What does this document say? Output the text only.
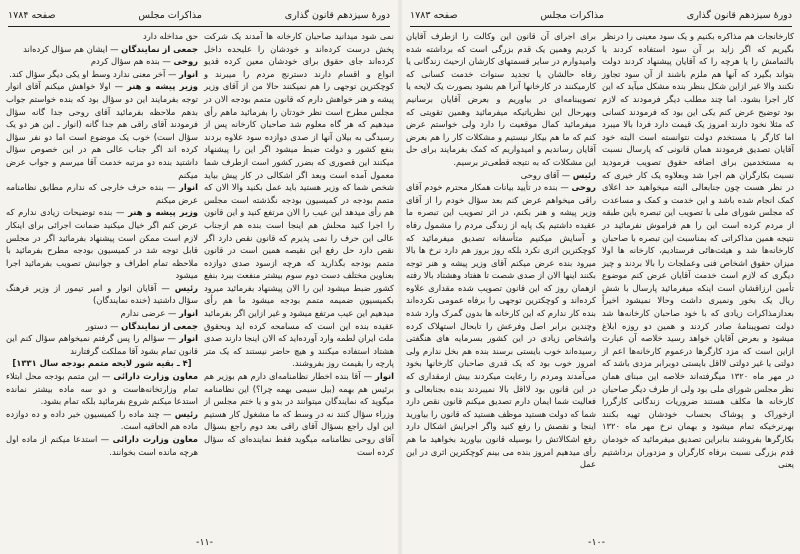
دورهٔ سیزدهم قانون گذاری
مذاکرات مجلس
صفحه ۱۷۸۴

نمی شود میدانید صاحبان کارخانه ها آمدند یک شرکت پخش درست کرده‌اند و خودشان را علیحده داخل کرده‌اند جای حقوق برای خودشان معین کرده قدیو انواع و اقسام دارند دسترنج مردم را میبرند و کوچکترین توجهی را هم نمیکنند حالا من از آقای وزیر پیشه و هنر خواهش دارم که قانون متمم بودجه الان در مجلس مطرح است نظر خودتان را بفرمائید ماهم رأی میدهیم که هر گاه معلوم شد صاحبان کارخانه پس از رسیدگی به بیلان آنها از صدی دوازده سود علاوه بردند بنفع کشور و دولت ضبط میشود اگر این را پیشنهاد میکنند این قصوری که بضرر کشور است ازطرف شما معمول آمده است وبعد اگر اشکالی در کار پیش بیاید شخص شما که وزیر هستید باید عمل بکنید والا الان که متمم بودجه در کمیسیون بودجه نگذشته است مجلس هم رأی میدهد این عیب را الان مرتفع کنید و این قانون را اجرا کنید محلش هم اینجا است بنده هم ازجناب عالی این حرف را نمی پذیرم که قانون نقص دارد اگر نقص دارد حل رفع این نقیصه همین است در قانون متمم بودجه بگذارید که هرچه ازسود صدی دوازده بعناوین مختلف دست دوم سوم بیشتر منفعت ببرد بنفع کشور ضبط میشود این را الان پیشنهاد بفرمائید میرود بکمیسیون ضمیمه متمم بودجه میشود ما هم رأی میدهیم این عیب مرتفع میشود و غیر ازاین اگر بفرمائید عقیده بنده این است که مسامحه کرده اید وبحقوق ملت ایران لطمه وارد آورده‌اید که الان اینجا دارند صدی هشتاد استفاده میکنند و هیچ حاضر نیستند که یک متر پارچه را بقیمت روز بفروشند.

انوار — آقا بنده اخطار نظامنامه‌ای دارم هم بوزیر هم برئیس هم بهمه (بیل سیمی بهمه چرا؟) این نظامنامه میگوید که نمایندگان میتوانند در بدو و یا ختم مجلس از وزراء سؤال کنند نه در وسط که ما مشغول کار هستیم این اول راجع بسؤال آقای راقی بعد دوم راجع بسؤال آقای روحی نظامنامه میگوید فقط نماینده‌ای که سؤال کرده است

حق مداخله دارد

جمعی از نمایندگان — ایشان هم سؤال کرده‌اند

روحی — بنده هم سؤال کردم

انوار — آخر معنی ندارد وسط او یکی دیگر سؤال کند.

وزیر پیشه و هنر — اولا خواهش میکنم آقای انوار توجه بفرمایند این دو سؤال بود که بنده خواستم جواب بدهم ملاحظه بفرمائید آقای روحی جدا گانه سؤال فرمودند آقای راقی هم جدا گانه (انوار ـ این هر دو یک سؤال است) خوب یک موضوع است اما دو نفر سؤال کرده اند اگر جناب عالی هم در این خصوص سؤال داشتید بنده دو مرتبه خدمت آقا میرسم و جواب عرض میکنم

انوار — بنده حرف خارجی که ندارم مطابق نظامنامه عرض میکنم

وزیر پیشه و هنر — بنده توضیحات زیادی ندارم که عرض کنم اگر خیال میکنید ضمانت اجرائی برای اینکار لازم است ممکن است پیشنهاد بفرمائید اگر در مجلس قابل توجه شد در کمیسیون بودجه مطرح بفرمائید با ملاحظه تمام اطراف و جوانبش تصویب بفرمائید اجرا میشود

رئیس — آقایان انوار و امیر تیمور از وزیر فرهنگ سؤال داشتید (خنده نمایندگان)

انوار — عرضی ندارم

جمعی از نمایندگان — دستور

انوار — سؤالم را پس گرفتم نمیخواهم سؤال کنم این قانون تمام بشود آقا مملکت گرفتارند

[۴ ـ بقیه شور لایحه متمم بودجه سال ۱۳۳۱]

معاون وزارت دارائی — این متمم بودجه محل ابتلاء تمام وزارتخانه‌هاست و دو سه ماده بیشتر نمانده استدعا میکنم شروع بفرمائید بلکه تمام بشود.

رئیس — چند ماده را کمیسیون خبر داده و ده دوازده ماده هم الحاقیه است.

معاون وزارت دارائی — استدعا میکنم از ماده اول هرچه مانده است بخوانند.

-۱۱-
دورهٔ سیزدهم قانون گذاری
مذاکرات مجلس
صفحه ۱۷۸۳

کارخانجات هم مذاکره بکنیم و یک سود معینی را درنظر بگیریم که اگر زاید بر آن سود استفاده کردند یا بالتمامش را یا هرچه را که آقایان پیشنهاد کردند دولت بتواند بگیرد که آنها هم ملزم باشند از آن سود تجاوز نکنند والا غیر ازاین شکل بنظر بنده مشکل میآید که این کار اجرا بشود. اما چند مطلب دیگر فرمودند که لازم بود توضیح عرض کنم یکی این بود که فرمودند کسانی که مثلا نخود دارند امروز یک قیمت دارد فردا بالا میبرد اما کارگر یا مستخدم دولت نتوانسته است البته خود آقایان تصدیق فرمودند همان قانونی که پارسال نسبت به مستخدمین برای اضافه حقوق تصویب فرمودید نسبت بکارگران هم اجرا شد وبعلاوه یک کار خیری که در نظر هست چون جنابعالی البته میخواهید حد اعلای کمک انجام شده باشد و این خدمت و کمک و مساعدت که مجلس شورای ملی با تصویب این تبصره باین طبقه از مردم کرده است این را هم فراموش نفرمائید در نتیجه همین مذاکراتی که بمناسبت این تبصره با صاحبان کارخانه‌ها شد و هیئت‌هائی فرستادیم، کارخانه ها اولا میزان حقوق اشخاص فنی وعملجات را بالا بردند و چیز دیگری که لازم است خدمت آقایان عرض کنم موضوع تأمین ارزاقشان است اینکه میفرمائید پارسال با شش ریال یک بخور ونمیری داشت وحالا نمیشود اخیراً بعدازمذاکرات زیادی که با خود صاحبان کارخانه‌ها شد دولت تصویبنامهٔ صادر کردند و همین دو روزه ابلاغ میشود و بعرض آقایان خواهد رسید خلاصه آن عبارت ازاین است که مزد کارگرها درعموم کارخانه‌ها اعم از دولتی یا غیر دولتی لااقل بایستی دوبرابر مزدی باشد که در مهر ماه ۱۳۲۰ میگرفته‌اند خلاصه این مبنای همان نظر مجلس شورای ملی بود ولی از طرف دیگر صاحبان کارخانه ها مکلف هستند ضروریات زندگانی کارگررا ازخوراک و پوشاک بحساب خودشان تهیه بکنند بهرنرخیکه تمام میشود و بهمان نرخ مهر ماه ۱۳۲۰ بکارگرها بفروشند بنابراین تصدیق میفرمائید که خودمان قدم بزرگی نسبت برفاه کارگران و مزدوران برداشتیم یعنی

برای اجرای آن قانون این وکالت را ازطرف آقایان کردیم وهمین یک قدم بزرگی است که برداشته شده وامیدوارم در سایر قسمتهای کارشان ازحیث زندگانی یا رفاه حالشان یا تجدید سنوات خدمت کسانی که کارمیکنند در کارخانها آنرا هم بشود بصورت یک لایحه یا تصویبنامه‌ای در بیاوریم و بعرض آقایان برسانیم وبهرحال این نظریاتیکه میفرمائید وهمین تقویتی که میفرمائید کمال موقعیت را دارد ولی خواستم عرض کنم که ما هم بیکار نیستیم و مشکلات کار را هم بعرض آقایان رساندیم و امیدواریم که کمک بفرمایند برای حل این مشکلات که به نتیجه قطعی‌تر برسیم.

رئیس — آقای روحی

روحی — بنده در تأیید بیانات همکار محترم خودم آقای راقی میخواهم عرض کنم بعد سؤال خودم را از آقای وزیر پیشه و هنر بکنم، در اثر تصویب این تبصره ما عقیده داشتیم یک پایه از زندگی مردم را مشمول رفاه و آسایش میکنیم متأسفانه تصدیق میفرمائید که کوچکترین اثری نکرد بلکه روز بروز هم دارد نرخ ها بالا میرود بنده عرض میکنم آقای وزیر پیشه و هنر توجه بکنند اینها الان از صدی شصت تا هفتاد وهشتاد بالا رفته ازهمان روز که این قانون تصویب شده مقداری علاوه کرده‌اند و کوچکترین توجهی را برفاه عمومی نکرده‌اند بنده کار ندارم که این کارخانه ها بدون گمرک وارد شده وچندین برابر اصل وفرعش را تابحال استهلاک کرده واشخاص زیادی در این کشور بسرمایه های هنگفتی رسیده‌اند خوب بایستی برسند بنده هم بخل ندارم ولی امروز خوب بود که یک قدری صاحبان کارخانها بخود می‌آمدند ومردم را رعایت میکردند بیش ازمقداری که در این قانون بود لااقل بالا نمیبردند بنده بجنابعالی و فعالیت شما ایمان دارم تصدیق میکنم قانون نقص دارد شما که دولت هستید موظف هستید که قانون را بیاورید اینجا و نقصش را رفع کنید واگر اجرایش اشکال دارد رفع اشکالاتش را بوسیله قانون بیاورید بخواهید ما هم رأی میدهیم امروز بنده می بینم کوچکترین اثری در این عمل

-۱۰-
